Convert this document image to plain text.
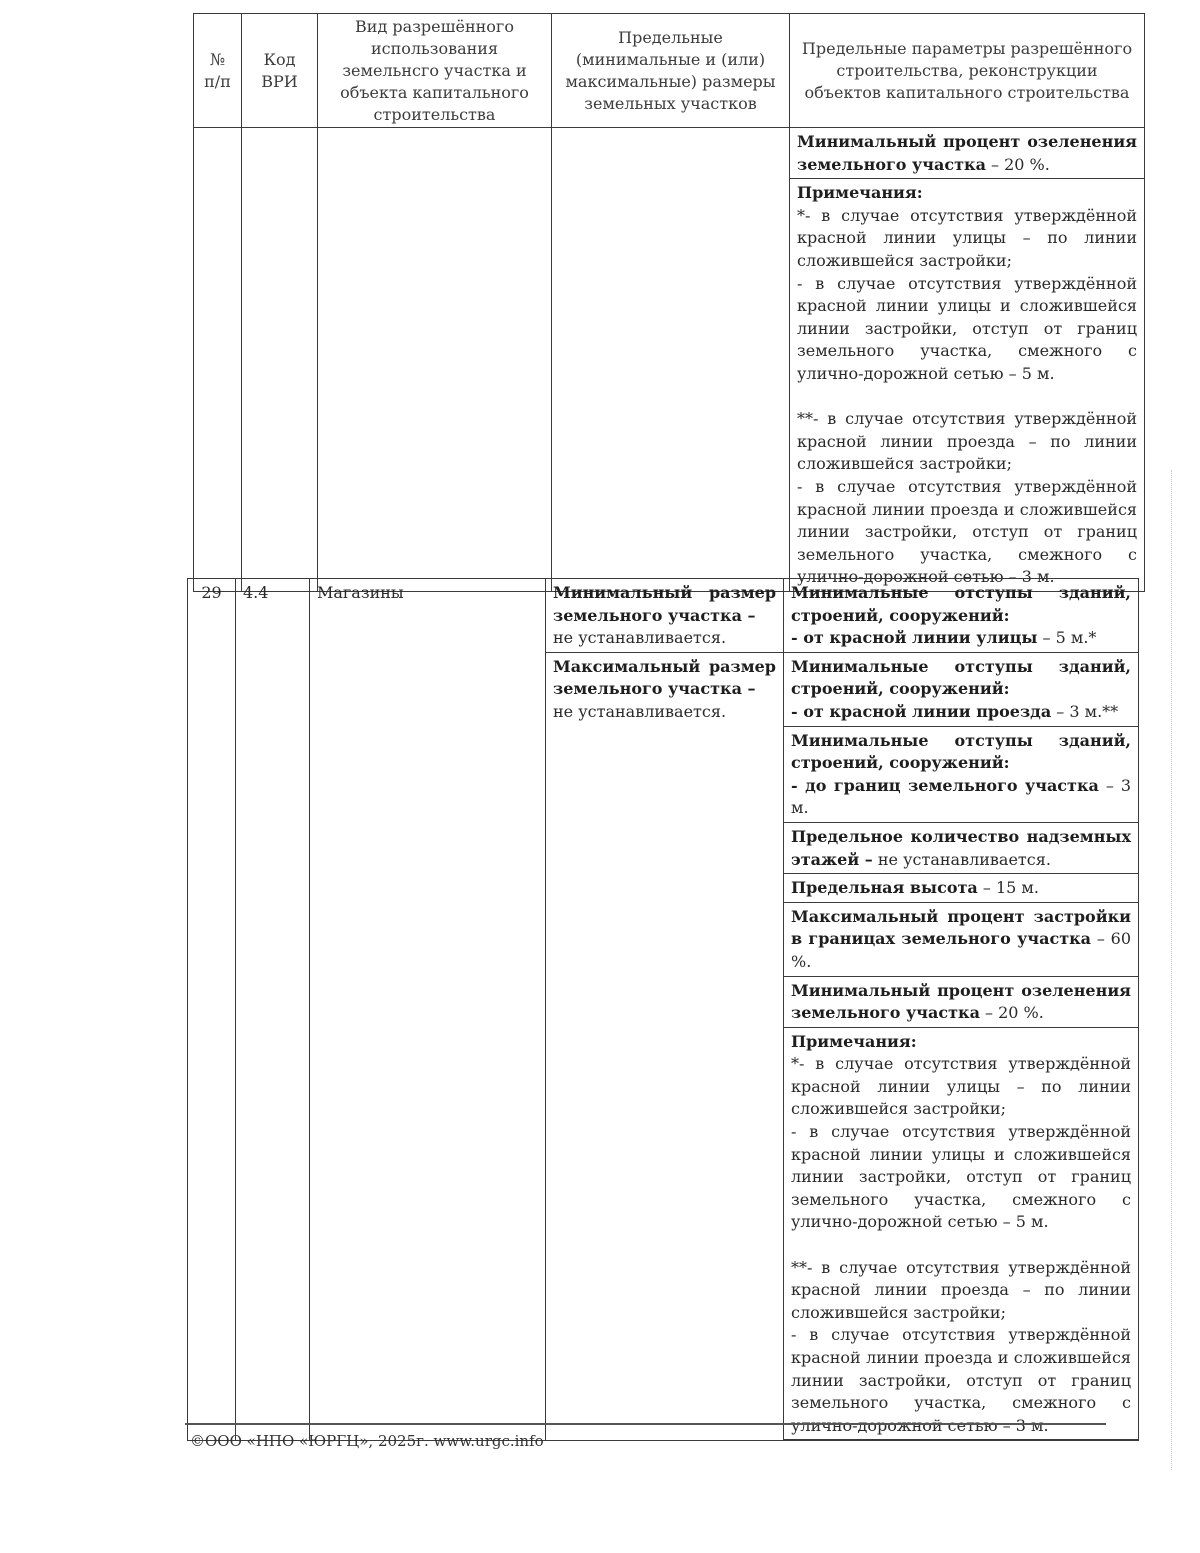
№ п/п	Код ВРИ	Вид разрешённого использования земельнсго участка и объекта капитального строительства	Предельные (минимальные и (или) максимальные) размеры земельных участков	Предельные параметры разрешённого строительства, реконструкции объектов капитального строительства
				Минимальный процент озеленения земельного участка – 20 %.

				Примечания:

*- в случае отсутствия утверждённой красной линии улицы – по линии сложившейся застройки;

- в случае отсутствия утверждённой красной линии улицы и сложившейся линии застройки, отступ от границ земельного участка, смежного с улично-дорожной сетью – 5 м.

**- в случае отсутствия утверждённой красной линии проезда – по линии сложившейся застройки;

- в случае отсутствия утверждённой красной линии проезда и сложившейся линии застройки, отступ от границ земельного участка, смежного с улично-дорожной сетью – 3 м.

29	4.4	Магазины	Минимальный размер земельного участка –
не устанавливается.	Минимальные отступы зданий, строений, сооружений:
- от красной линии улицы – 5 м.*
			Максимальный размер земельного участка –
не устанавливается.	Минимальные отступы зданий, строений, сооружений:
- от красной линии проезда – 3 м.**
				Минимальные отступы зданий, строений, сооружений:
- до границ земельного участка – 3 м.
				Предельное количество надземных этажей – не устанавливается.
				Предельная высота – 15 м.
				Максимальный процент застройки в границах земельного участка – 60 %.
				Минимальный процент озеленения земельного участка – 20 %.

				Примечания:

*- в случае отсутствия утверждённой красной линии улицы – по линии сложившейся застройки;

- в случае отсутствия утверждённой красной линии улицы и сложившейся линии застройки, отступ от границ земельного участка, смежного с улично-дорожной сетью – 5 м.

**- в случае отсутствия утверждённой красной линии проезда – по линии сложившейся застройки;

- в случае отсутствия утверждённой красной линии проезда и сложившейся линии застройки, отступ от границ земельного участка, смежного с улично-дорожной сетью – 3 м.

©ООО «НПО «ЮРГЦ», 2025г. www.urgc.info
